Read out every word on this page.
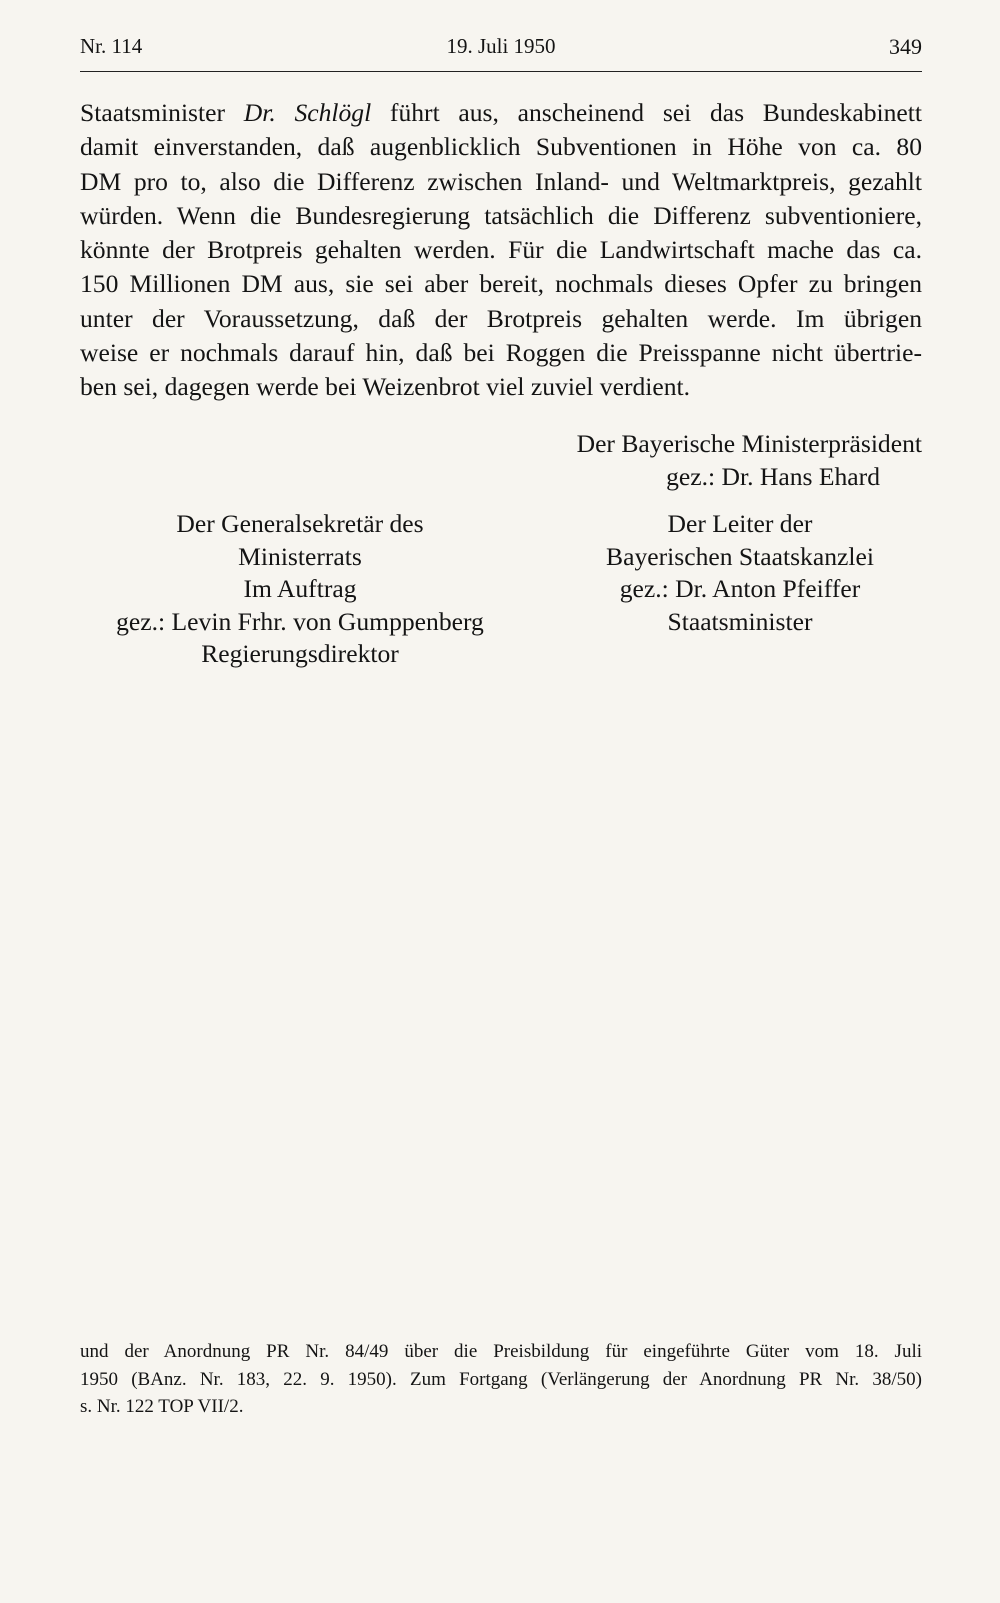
Nr. 114	19. Juli 1950	349
Staatsminister Dr. Schlögl führt aus, anscheinend sei das Bundeskabinett
damit einverstanden, daß augenblicklich Subventionen in Höhe von ca. 80
DM pro to, also die Differenz zwischen Inland- und Weltmarktpreis, gezahlt
würden. Wenn die Bundesregierung tatsächlich die Differenz subventioniere,
könnte der Brotpreis gehalten werden. Für die Landwirtschaft mache das ca.
150 Millionen DM aus, sie sei aber bereit, nochmals dieses Opfer zu bringen
unter der Voraussetzung, daß der Brotpreis gehalten werde. Im übrigen
weise er nochmals darauf hin, daß bei Roggen die Preisspanne nicht übertrie-
ben sei, dagegen werde bei Weizenbrot viel zuviel verdient.
Der Bayerische Ministerpräsident
gez.: Dr. Hans Ehard
Der Generalsekretär des
Ministerrats
Im Auftrag
gez.: Levin Frhr. von Gumppenberg
Regierungsdirektor
Der Leiter der
Bayerischen Staatskanzlei
gez.: Dr. Anton Pfeiffer
Staatsminister
und der Anordnung PR Nr. 84/49 über die Preisbildung für eingeführte Güter vom 18. Juli
1950 (BAnz. Nr. 183, 22. 9. 1950). Zum Fortgang (Verlängerung der Anordnung PR Nr. 38/50)
s. Nr. 122 TOP VII/2.
